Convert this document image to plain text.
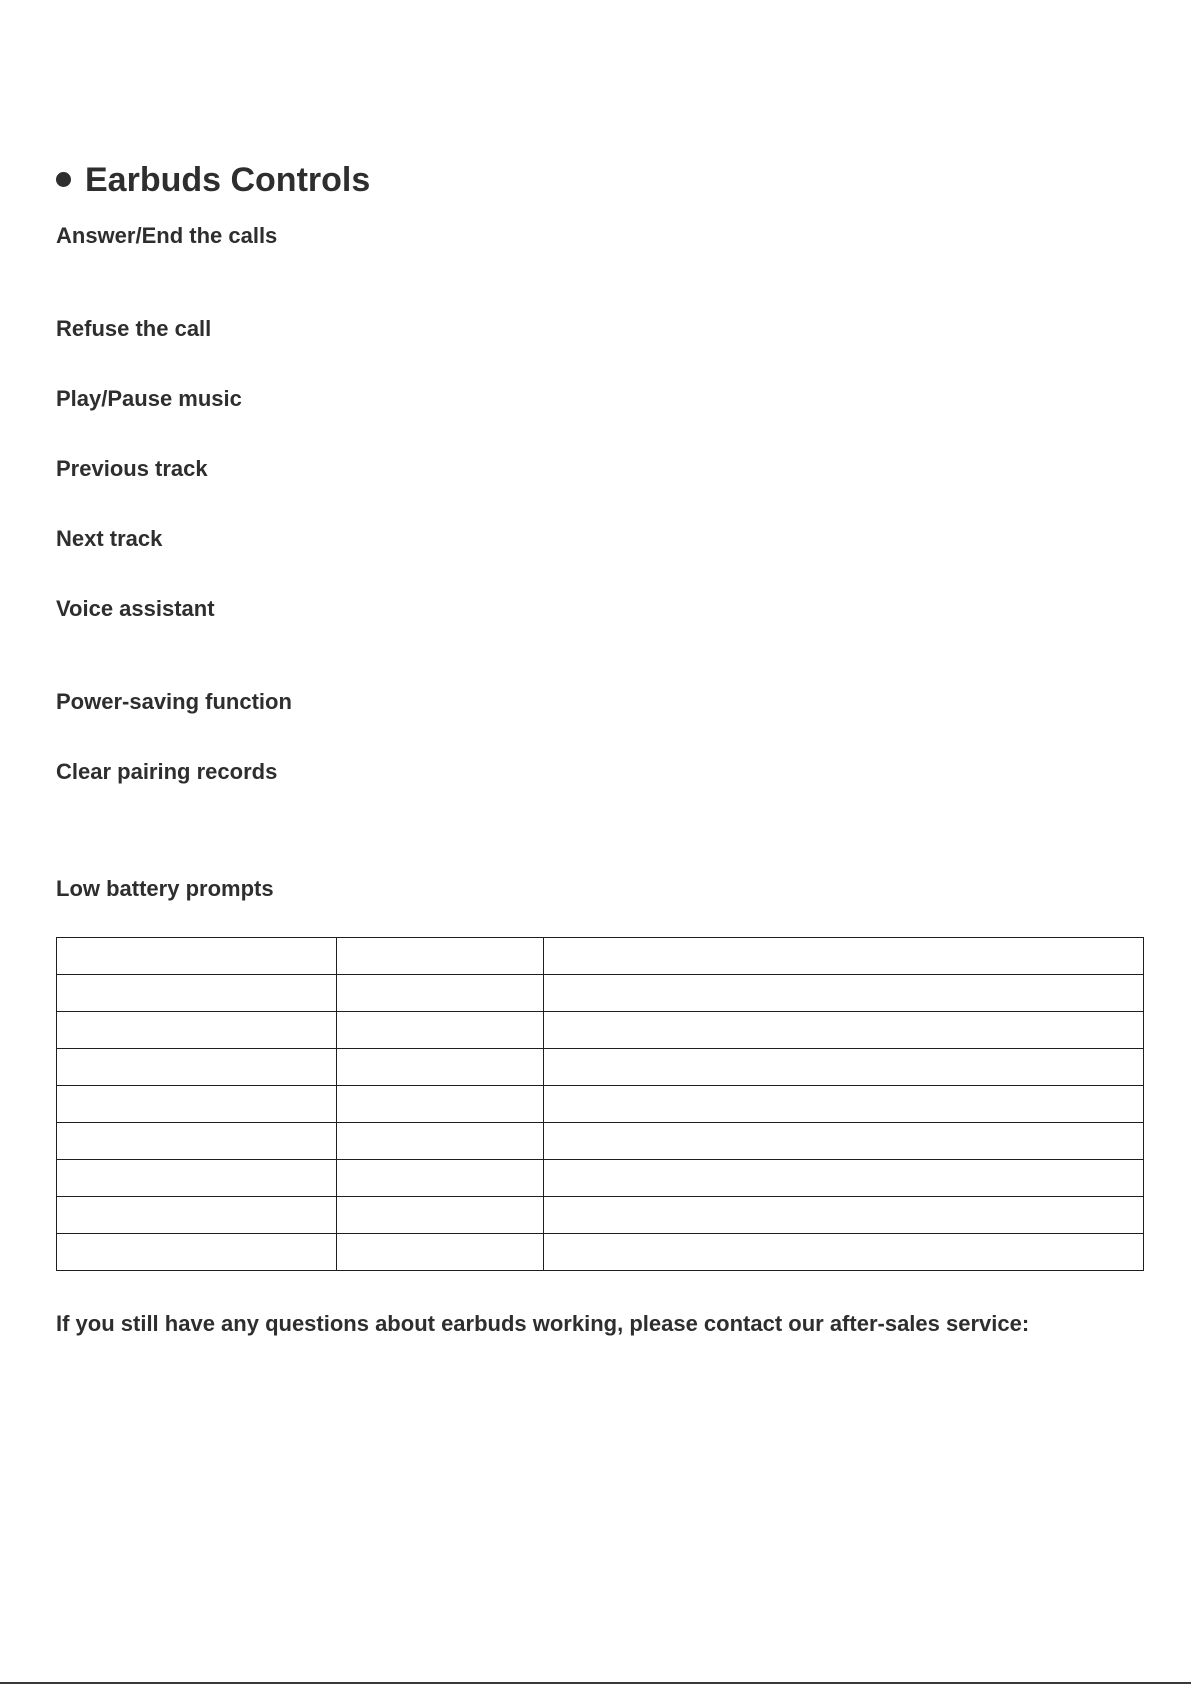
Earbuds Controls
Answer/End the calls
Refuse the call
Play/Pause music
Previous track
Next track
Voice assistant
Power-saving function
Clear pairing records
Low battery prompts

If you still have any questions about earbuds working, please contact our after-sales service:
